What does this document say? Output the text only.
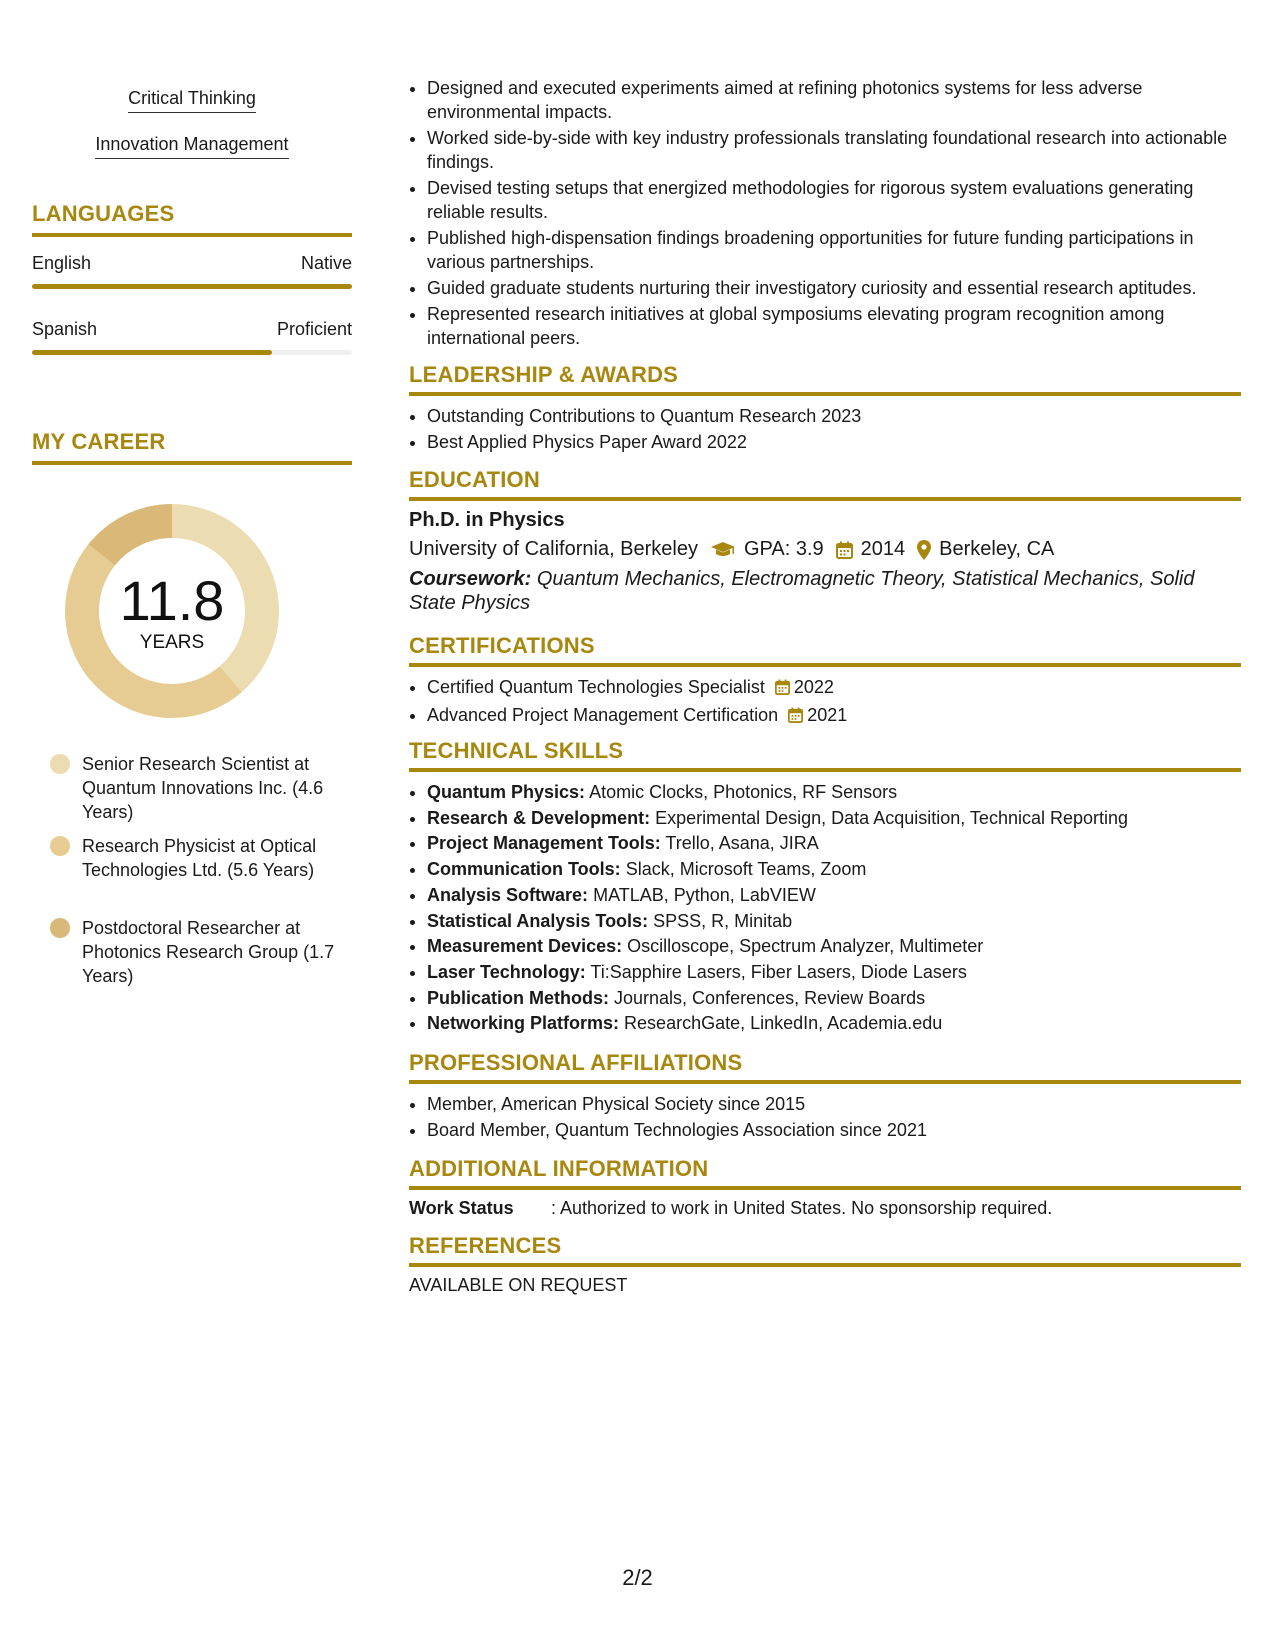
Critical Thinking
Innovation Management
LANGUAGES
English	Native
Spanish	Proficient
MY CAREER
11.8
YEARS
Senior Research Scientist at Quantum Innovations Inc. (4.6 Years)
Research Physicist at Optical Technologies Ltd. (5.6 Years)
Postdoctoral Researcher at Photonics Research Group (1.7 Years)
• Designed and executed experiments aimed at refining photonics systems for less adverse environmental impacts.
• Worked side-by-side with key industry professionals translating foundational research into actionable findings.
• Devised testing setups that energized methodologies for rigorous system evaluations generating reliable results.
• Published high-dispensation findings broadening opportunities for future funding participations in various partnerships.
• Guided graduate students nurturing their investigatory curiosity and essential research aptitudes.
• Represented research initiatives at global symposiums elevating program recognition among international peers.
LEADERSHIP & AWARDS
• Outstanding Contributions to Quantum Research 2023
• Best Applied Physics Paper Award 2022
EDUCATION
Ph.D. in Physics
University of California, Berkeley GPA: 3.9 2014 Berkeley, CA
Coursework: Quantum Mechanics, Electromagnetic Theory, Statistical Mechanics, Solid State Physics
CERTIFICATIONS
• Certified Quantum Technologies Specialist 2022
• Advanced Project Management Certification 2021
TECHNICAL SKILLS
• Quantum Physics: Atomic Clocks, Photonics, RF Sensors
• Research & Development: Experimental Design, Data Acquisition, Technical Reporting
• Project Management Tools: Trello, Asana, JIRA
• Communication Tools: Slack, Microsoft Teams, Zoom
• Analysis Software: MATLAB, Python, LabVIEW
• Statistical Analysis Tools: SPSS, R, Minitab
• Measurement Devices: Oscilloscope, Spectrum Analyzer, Multimeter
• Laser Technology: Ti:Sapphire Lasers, Fiber Lasers, Diode Lasers
• Publication Methods: Journals, Conferences, Review Boards
• Networking Platforms: ResearchGate, LinkedIn, Academia.edu
PROFESSIONAL AFFILIATIONS
• Member, American Physical Society since 2015
• Board Member, Quantum Technologies Association since 2021
ADDITIONAL INFORMATION
Work Status	: Authorized to work in United States. No sponsorship required.
REFERENCES
AVAILABLE ON REQUEST
2/2
